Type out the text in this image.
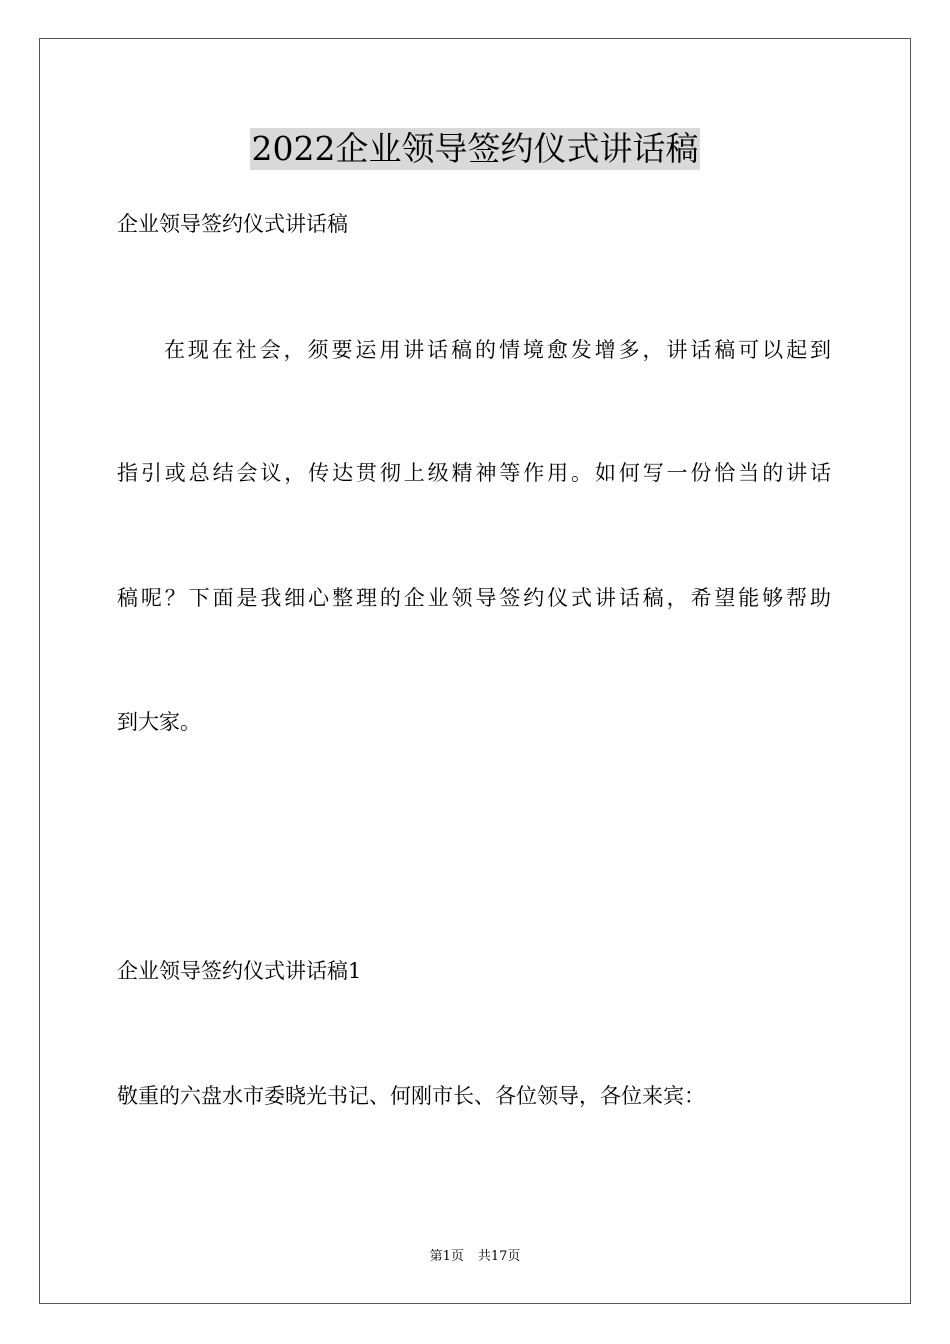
2022企业领导签约仪式讲话稿

企业领导签约仪式讲话稿

在现在社会，须要运用讲话稿的情境愈发增多，讲话稿可以起到

指引或总结会议，传达贯彻上级精神等作用。如何写一份恰当的讲话

稿呢？下面是我细心整理的企业领导签约仪式讲话稿，希望能够帮助

到大家。

企业领导签约仪式讲话稿1

敬重的六盘水市委晓光书记、何刚市长、各位领导，各位来宾：

第1页 共17页
